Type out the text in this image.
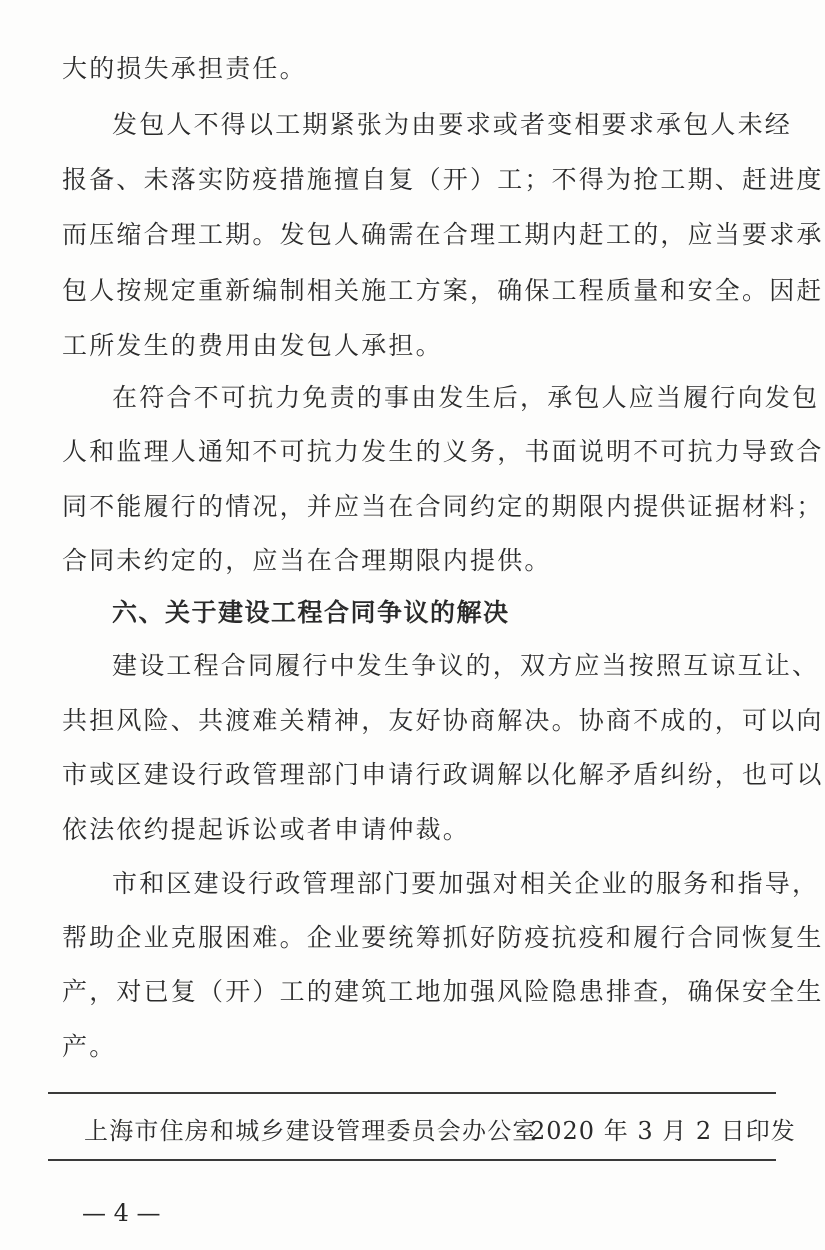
大的损失承担责任。
发包人不得以工期紧张为由要求或者变相要求承包人未经
报备、未落实防疫措施擅自复（开）工；不得为抢工期、赶进度
而压缩合理工期。发包人确需在合理工期内赶工的，应当要求承
包人按规定重新编制相关施工方案，确保工程质量和安全。因赶
工所发生的费用由发包人承担。
在符合不可抗力免责的事由发生后，承包人应当履行向发包
人和监理人通知不可抗力发生的义务，书面说明不可抗力导致合
同不能履行的情况，并应当在合同约定的期限内提供证据材料；
合同未约定的，应当在合理期限内提供。
六、关于建设工程合同争议的解决
建设工程合同履行中发生争议的，双方应当按照互谅互让、
共担风险、共渡难关精神，友好协商解决。协商不成的，可以向
市或区建设行政管理部门申请行政调解以化解矛盾纠纷，也可以
依法依约提起诉讼或者申请仲裁。
市和区建设行政管理部门要加强对相关企业的服务和指导，
帮助企业克服困难。企业要统筹抓好防疫抗疫和履行合同恢复生
产，对已复（开）工的建筑工地加强风险隐患排查，确保安全生
产。
上海市住房和城乡建设管理委员会办公室
2020 年 3 月 2 日印发
— 4 —
